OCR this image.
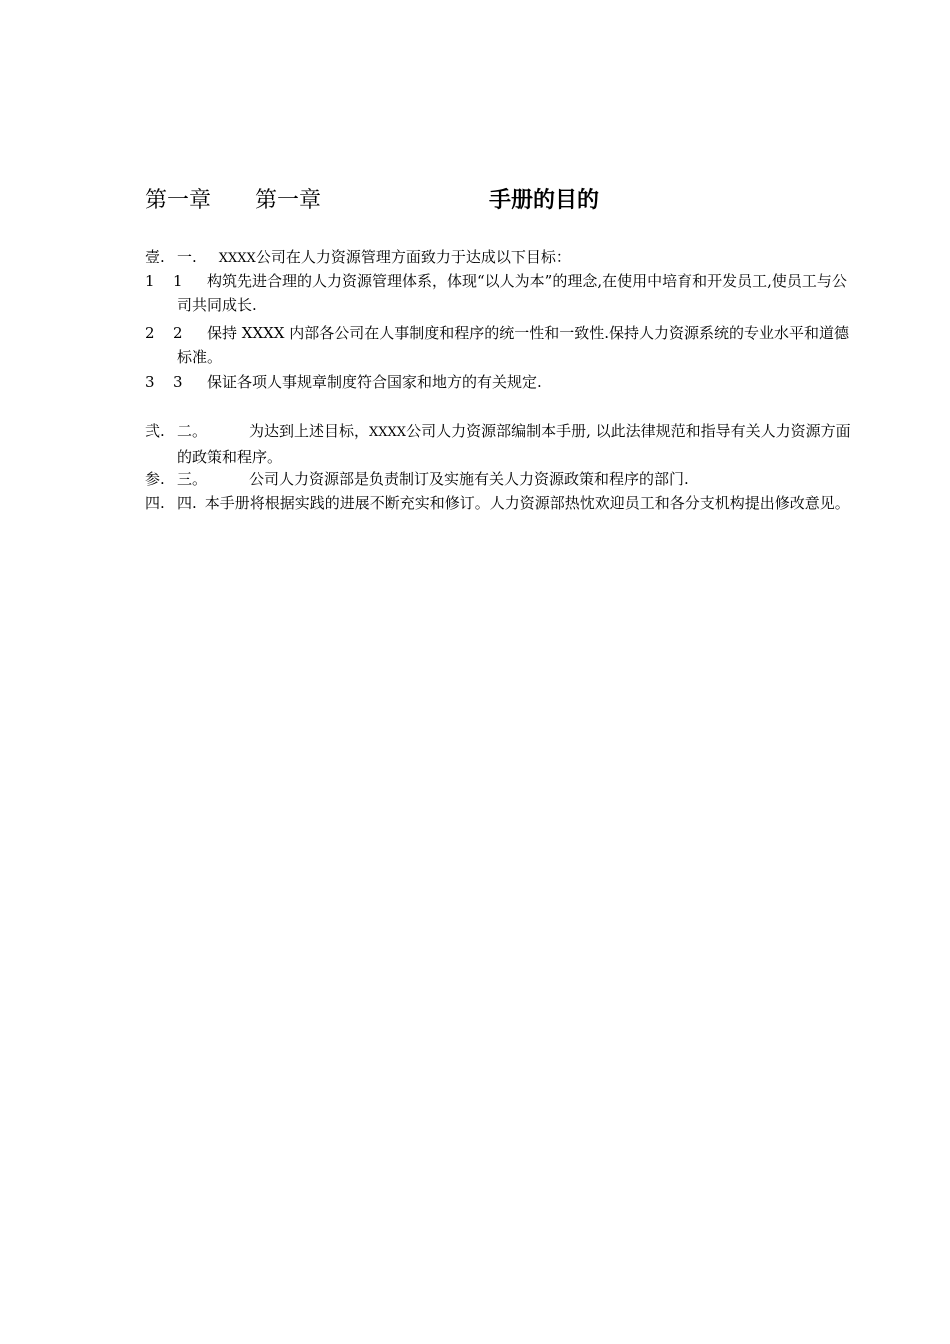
第一章 第一章	手册的目的
壹. 一. XXXX公司在人力资源管理方面致力于达成以下目标：
1 1	构筑先进合理的人力资源管理体系，体现“以人为本”的理念,在使用中培育和开发员工,使员工与公司共同成长.
2 2	保持 XXXX 内部各公司在人事制度和程序的统一性和一致性.保持人力资源系统的专业水平和道德标准。
3 3	保证各项人事规章制度符合国家和地方的有关规定.
弐. 二。	为达到上述目标，XXXX公司人力资源部编制本手册, 以此法律规范和指导有关人力资源方面的政策和程序。
参. 三。	公司人力资源部是负责制订及实施有关人力资源政策和程序的部门.
四. 四. 本手册将根据实践的进展不断充实和修订。人力资源部热忱欢迎员工和各分支机构提出修改意见。
